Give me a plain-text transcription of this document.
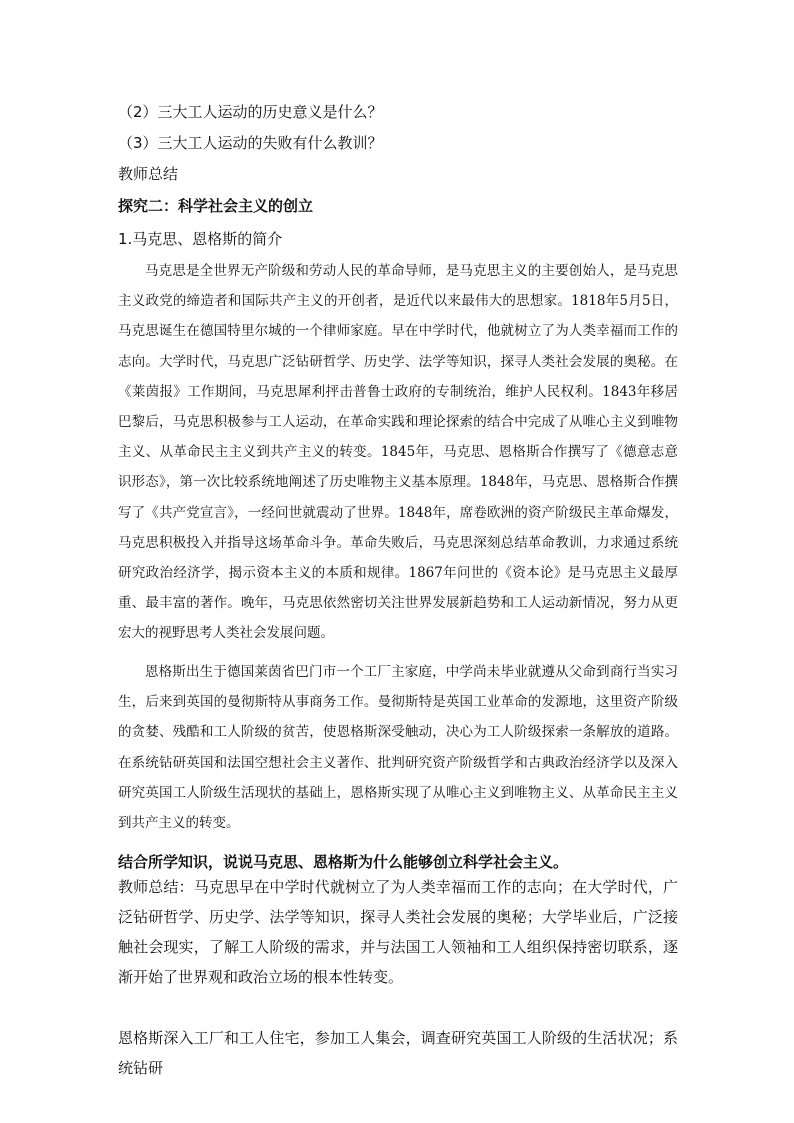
（2）三大工人运动的历史意义是什么？

（3）三大工人运动的失败有什么教训？

教师总结

探究二：科学社会主义的创立

1.马克思、恩格斯的简介

马克思是全世界无产阶级和劳动人民的革命导师，是马克思主义的主要创始人，是马克思主义政党的缔造者和国际共产主义的开创者，是近代以来最伟大的思想家。1818年5月5日，马克思诞生在德国特里尔城的一个律师家庭。早在中学时代，他就树立了为人类幸福而工作的志向。大学时代，马克思广泛钻研哲学、历史学、法学等知识，探寻人类社会发展的奥秘。在《莱茵报》工作期间，马克思犀利抨击普鲁士政府的专制统治，维护人民权利。1843年移居巴黎后，马克思积极参与工人运动，在革命实践和理论探索的结合中完成了从唯心主义到唯物主义、从革命民主主义到共产主义的转变。1845年，马克思、恩格斯合作撰写了《德意志意识形态》，第一次比较系统地阐述了历史唯物主义基本原理。1848年，马克思、恩格斯合作撰写了《共产党宣言》，一经问世就震动了世界。1848年，席卷欧洲的资产阶级民主革命爆发，马克思积极投入并指导这场革命斗争。革命失败后，马克思深刻总结革命教训，力求通过系统研究政治经济学，揭示资本主义的本质和规律。1867年问世的《资本论》是马克思主义最厚重、最丰富的著作。晚年，马克思依然密切关注世界发展新趋势和工人运动新情况，努力从更宏大的视野思考人类社会发展问题。

恩格斯出生于德国莱茵省巴门市一个工厂主家庭，中学尚未毕业就遵从父命到商行当实习生，后来到英国的曼彻斯特从事商务工作。曼彻斯特是英国工业革命的发源地，这里资产阶级的贪婪、残酷和工人阶级的贫苦，使恩格斯深受触动，决心为工人阶级探索一条解放的道路。在系统钻研英国和法国空想社会主义著作、批判研究资产阶级哲学和古典政治经济学以及深入研究英国工人阶级生活现状的基础上，恩格斯实现了从唯心主义到唯物主义、从革命民主主义到共产主义的转变。

结合所学知识，说说马克思、恩格斯为什么能够创立科学社会主义。

教师总结：马克思早在中学时代就树立了为人类幸福而工作的志向；在大学时代，广泛钻研哲学、历史学、法学等知识，探寻人类社会发展的奥秘；大学毕业后，广泛接触社会现实，了解工人阶级的需求，并与法国工人领袖和工人组织保持密切联系，逐渐开始了世界观和政治立场的根本性转变。

恩格斯深入工厂和工人住宅，参加工人集会，调查研究英国工人阶级的生活状况；系统钻研
